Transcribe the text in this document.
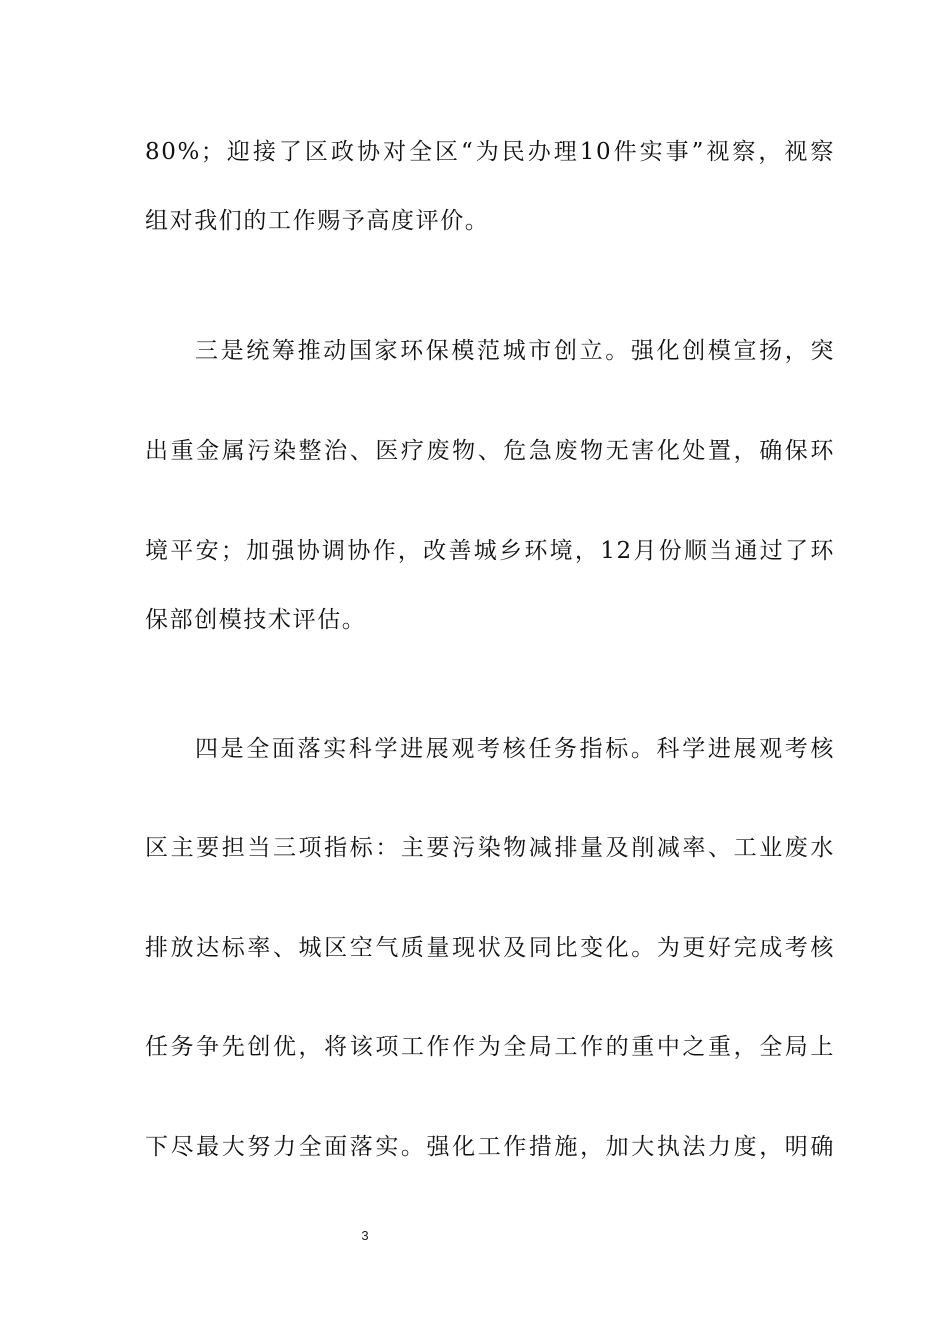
80%；迎接了区政协对全区“为民办理10件实事”视察，视察
组对我们的工作赐予高度评价。
三是统筹推动国家环保模范城市创立。强化创模宣扬，突
出重金属污染整治、医疗废物、危急废物无害化处置，确保环
境平安；加强协调协作，改善城乡环境，12月份顺当通过了环
保部创模技术评估。
四是全面落实科学进展观考核任务指标。科学进展观考核
区主要担当三项指标：主要污染物减排量及削减率、工业废水
排放达标率、城区空气质量现状及同比变化。为更好完成考核
任务争先创优，将该项工作作为全局工作的重中之重，全局上
下尽最大努力全面落实。强化工作措施，加大执法力度，明确
3
